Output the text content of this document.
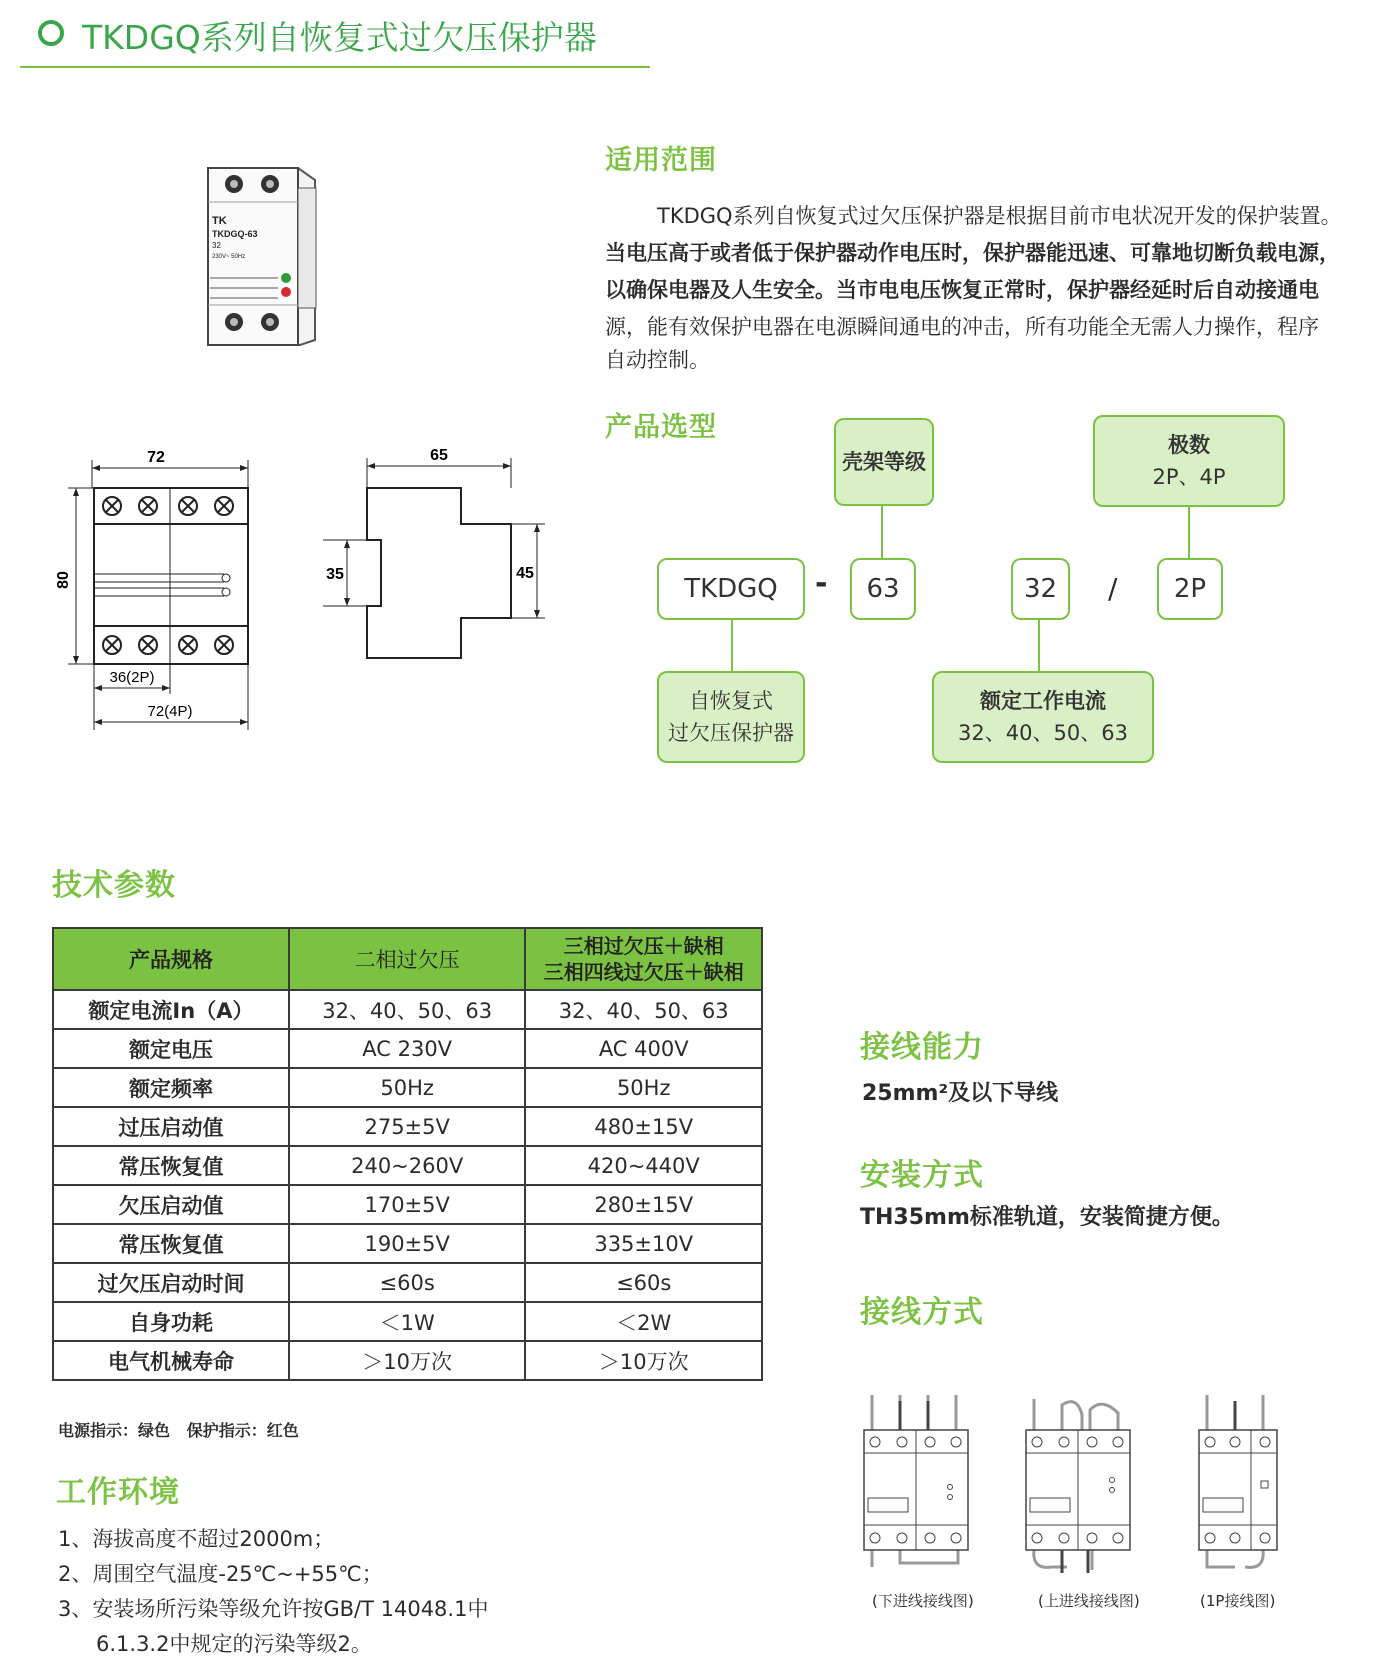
TKDGQ系列自恢复式过欠压保护器
TK
TKDGQ-63
32
230V~ 50Hz
72
80
36(2P)
72(4P)
65
35	45
适用范围
TKDGQ系列自恢复式过欠压保护器是根据目前市电状况开发的保护装置。
当电压高于或者低于保护器动作电压时，保护器能迅速、可靠地切断负载电源，
以确保电器及人生安全。当市电电压恢复正常时，保护器经延时后自动接通电
源，能有效保护电器在电源瞬间通电的冲击，所有功能全无需人力操作，程序
自动控制。
产品选型
壳架等级
极数
2P、4P
TKDGQ - 63	32 / 2P
自恢复式
过欠压保护器
额定工作电流
32、40、50、63
技术参数
产品规格	二相过欠压	三相过欠压＋缺相
三相四线过欠压＋缺相

额定电流In（A）	32、40、50、63	32、40、50、63
额定电压	AC 230V	AC 400V
额定频率	50Hz	50Hz
过压启动值	275±5V	480±15V
常压恢复值	240~260V	420~440V
欠压启动值	170±5V	280±15V
常压恢复值	190±5V	335±10V
过欠压启动时间	≤60s	≤60s
自身功耗	＜1W	＜2W
电气机械寿命	＞10万次	＞10万次
电源指示：绿色   保护指示：红色
接线能力
25mm²及以下导线
安装方式
TH35mm标准轨道，安装简捷方便。
接线方式
(下进线接线图)	(上进线接线图)	(1P接线图)
工作环境
1、海拔高度不超过2000m；
2、周围空气温度-25℃~+55℃；
3、安装场所污染等级允许按GB/T 14048.1中
6.1.3.2中规定的污染等级2。
